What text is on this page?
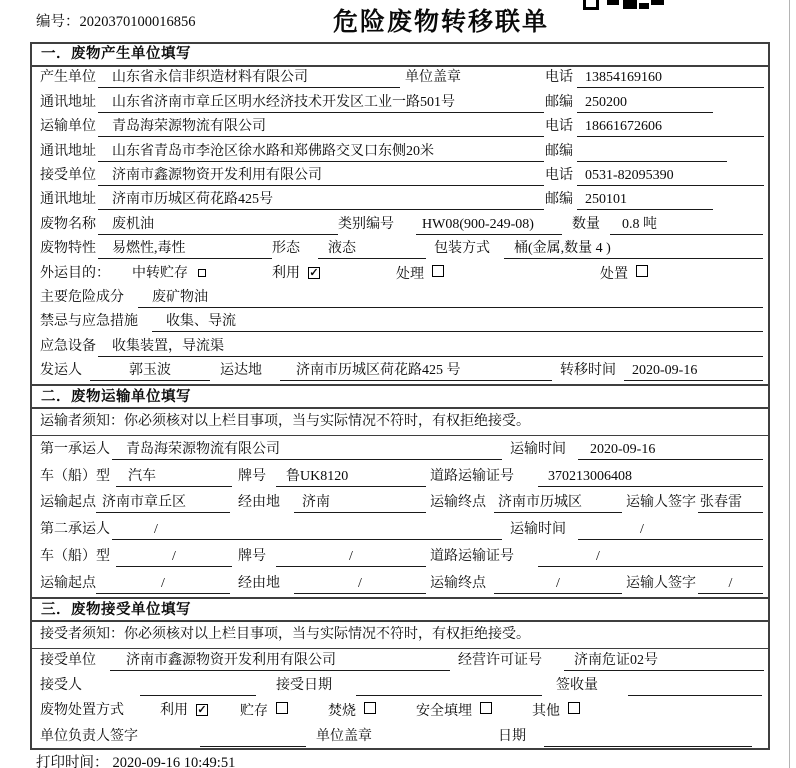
编号：2020370100016856	危险废物转移联单
一．废物产生单位填写
产生单位	山东省永信非织造材料有限公司	单位盖章	电话 13854169160
通讯地址	山东省济南市章丘区明水经济技术开发区工业一路501号	邮编 250200
运输单位	青岛海荣源物流有限公司	电话 18661672606
通讯地址	山东省青岛市李沧区徐水路和郑佛路交叉口东侧20米	邮编
接受单位	济南市鑫源物资开发利用有限公司	电话 0531-82095390
通讯地址	济南市历城区荷花路425号	邮编 250101
废物名称	废机油	类别编号	HW08(900-249-08)	数量	0.8 吨
废物特性	易燃性,毒性	形态	液态	包装方式	桶(金属,数量 4 )
外运目的： 中转贮存	利用 ✓	处理	处置
主要危险成分	废矿物油
禁忌与应急措施	收集、导流
应急设备	收集装置，导流渠
发运人	郭玉波	运达地	济南市历城区荷花路425 号	转移时间	2020-09-16
二．废物运输单位填写
运输者须知：你必须核对以上栏目事项，当与实际情况不符时，有权拒绝接受。
第一承运人	青岛海荣源物流有限公司	运输时间	2020-09-16
车（船）型	汽车	牌号	鲁UK8120	道路运输证号	370213006408
运输起点 济南市章丘区	经由地	济南	运输终点 济南市历城区	运输人签字 张春雷
第二承运人	/	运输时间	/
车（船）型	/	牌号	/	道路运输证号	/
运输起点	/	经由地	/	运输终点	/	运输人签字	/
三．废物接受单位填写
接受者须知：你必须核对以上栏目事项，当与实际情况不符时，有权拒绝接受。
接受单位	济南市鑫源物资开发利用有限公司	经营许可证号	济南危证02号
接受人	接受日期	签收量
废物处置方式	利用 ✓ 贮存	焚烧	安全填埋	其他
单位负责人签字	单位盖章	日期
打印时间： 2020-09-16 10:49:51
